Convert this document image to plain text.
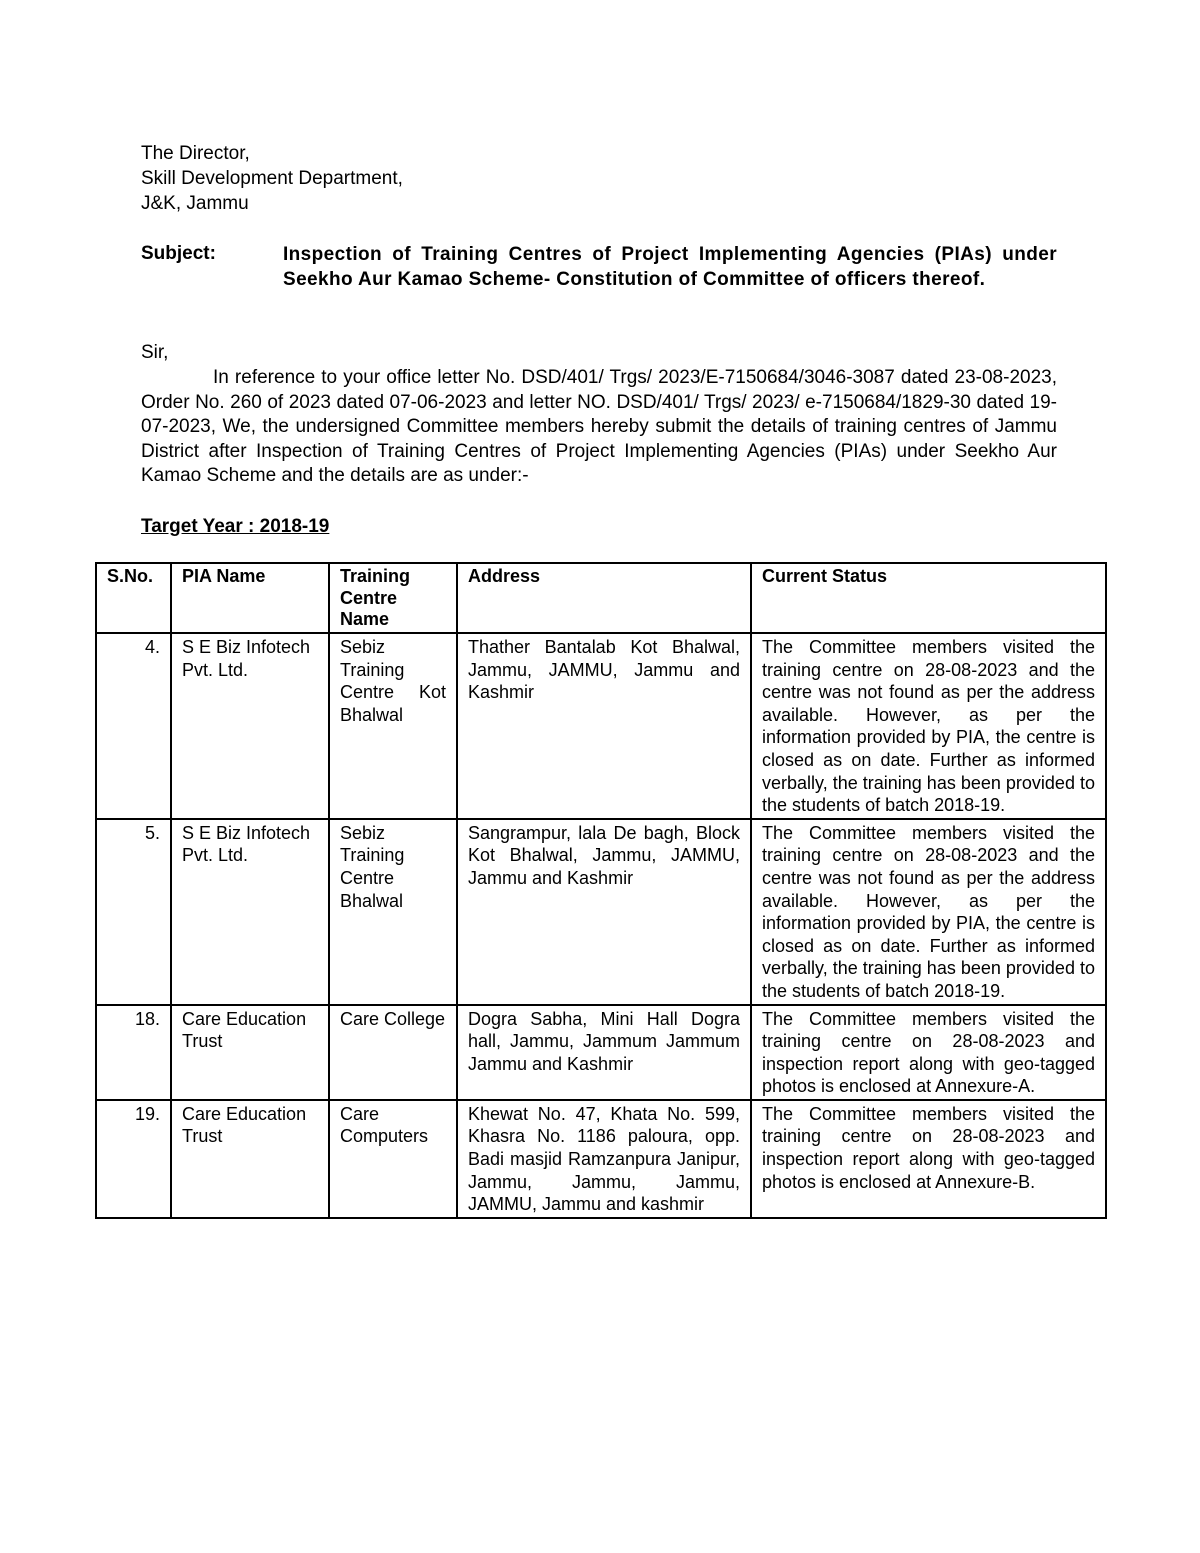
The Director,
Skill Development Department,
J&K, Jammu
Subject:	Inspection of Training Centres of Project Implementing Agencies (PIAs) under Seekho Aur Kamao Scheme- Constitution of Committee of officers thereof.
Sir,
In reference to your office letter No. DSD/401/ Trgs/ 2023/E-7150684/3046-3087 dated 23-08-2023, Order No. 260 of 2023 dated 07-06-2023 and letter NO. DSD/401/ Trgs/ 2023/ e-7150684/1829-30 dated 19-07-2023, We, the undersigned Committee members hereby submit the details of training centres of Jammu District after Inspection of Training Centres of Project Implementing Agencies (PIAs) under Seekho Aur Kamao Scheme and the details are as under:-
Target Year : 2018-19
S.No.	PIA Name	Training Centre Name	Address	Current Status
4.	S E Biz Infotech Pvt. Ltd.	Sebiz Training Centre Kot Bhalwal	Thather Bantalab Kot Bhalwal, Jammu, JAMMU, Jammu and Kashmir	The Committee members visited the training centre on 28-08-2023 and the centre was not found as per the address available. However, as per the information provided by PIA, the centre is closed as on date. Further as informed verbally, the training has been provided to the students of batch 2018-19.
5.	S E Biz Infotech Pvt. Ltd.	Sebiz Training Centre Bhalwal	Sangrampur, lala De bagh, Block Kot Bhalwal, Jammu, JAMMU, Jammu and Kashmir	The Committee members visited the training centre on 28-08-2023 and the centre was not found as per the address available. However, as per the information provided by PIA, the centre is closed as on date. Further as informed verbally, the training has been provided to the students of batch 2018-19.
18.	Care Education Trust	Care College	Dogra Sabha, Mini Hall Dogra hall, Jammu, Jammum Jammum Jammu and Kashmir	The Committee members visited the training centre on 28-08-2023 and inspection report along with geo-tagged photos is enclosed at Annexure-A.
19.	Care Education Trust	Care Computers	Khewat No. 47, Khata No. 599, Khasra No. 1186 paloura, opp. Badi masjid Ramzanpura Janipur, Jammu, Jammu, Jammu, JAMMU, Jammu and kashmir	The Committee members visited the training centre on 28-08-2023 and inspection report along with geo-tagged photos is enclosed at Annexure-B.
